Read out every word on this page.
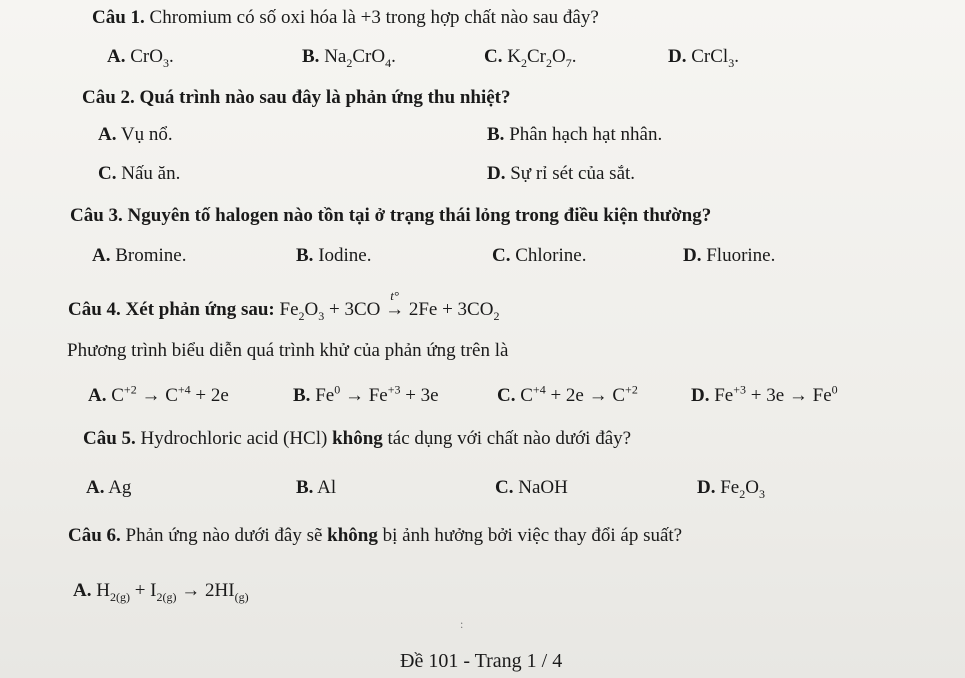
Câu 1. Chromium có số oxi hóa là +3 trong hợp chất nào sau đây?
A. CrO$_3$.	B. $Na_2CrO_4$.	C. $K_2Cr_2O_7$.	D. CrCl$_3$.
Câu 2. Quá trình nào sau đây là phản ứng thu nhiệt?
A. Vụ nổ.	B. Phân hạch hạt nhân.
C. Nấu ăn.	D. Sự rỉ sét của sắt.
Câu 3. Nguyên tố halogen nào tồn tại ở trạng thái lỏng trong điều kiện thường?
A. Bromine.	B. Iodine.	C. Chlorine.	D. Fluorine.
Câu 4. Xét phản ứng sau: $Fe_2O_3 + 3CO$
t°
→ $2Fe + 3CO_2$
Phương trình biểu diễn quá trình khử của phản ứng trên là
A. $C^{+2} \to C^{+4} + 2e$	B. $Fe^0 \to Fe^{+3} + 3e$	C. $C^{+4} + 2e \to C^{+2}$	D. $Fe^{+3} + 3e \to Fe^0$
Câu 5. Hydrochloric acid (HCl) không tác dụng với chất nào dưới đây?
A. Ag	B. Al	C. NaOH	D. $Fe_2O_3$
Câu 6. Phản ứng nào dưới đây sẽ không bị ảnh hưởng bởi việc thay đổi áp suất?
A. $H_{2(g)} + I_{2(g)} \to 2HI_{(g)}$
:
Đề 101 - Trang 1 / 4
